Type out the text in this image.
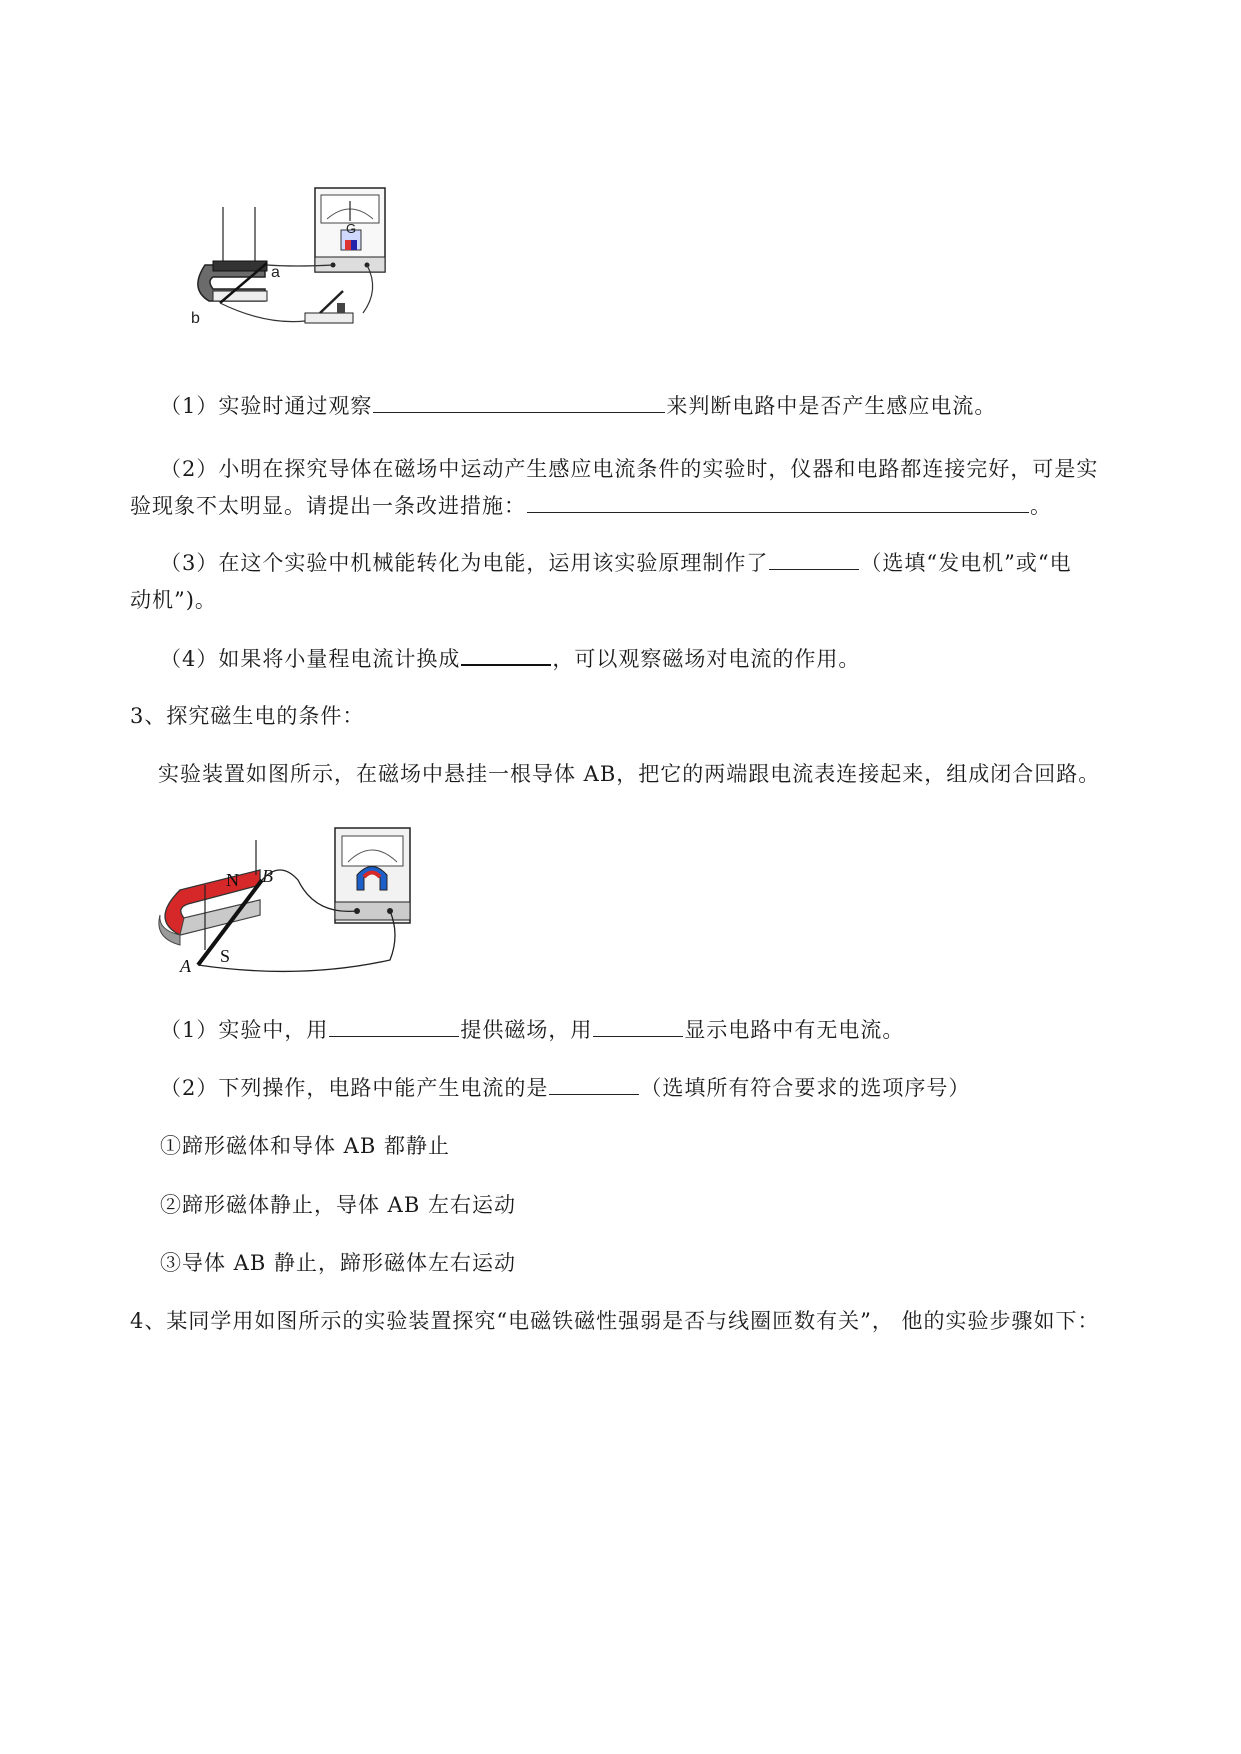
a
b
G
（1）实验时通过观察	来判断电路中是否产生感应电流。
（2）小明在探究导体在磁场中运动产生感应电流条件的实验时，仪器和电路都连接完好，可是实
验现象不太明显。请提出一条改进措施：	。
（3）在这个实验中机械能转化为电能，运用该实验原理制作了	（选填“发电机”或“电
动机”)。
（4）如果将小量程电流计换成	，可以观察磁场对电流的作用。
3、探究磁生电的条件：
实验装置如图所示，在磁场中悬挂一根导体 AB，把它的两端跟电流表连接起来，组成闭合回路。
N
S
A
B
（1）实验中，用	提供磁场，用	显示电路中有无电流。
（2）下列操作，电路中能产生电流的是	（选填所有符合要求的选项序号）
①蹄形磁体和导体 AB 都静止
②蹄形磁体静止，导体 AB 左右运动
③导体 AB 静止，蹄形磁体左右运动
4、某同学用如图所示的实验装置探究“电磁铁磁性强弱是否与线圈匝数有关”， 他的实验步骤如下：
